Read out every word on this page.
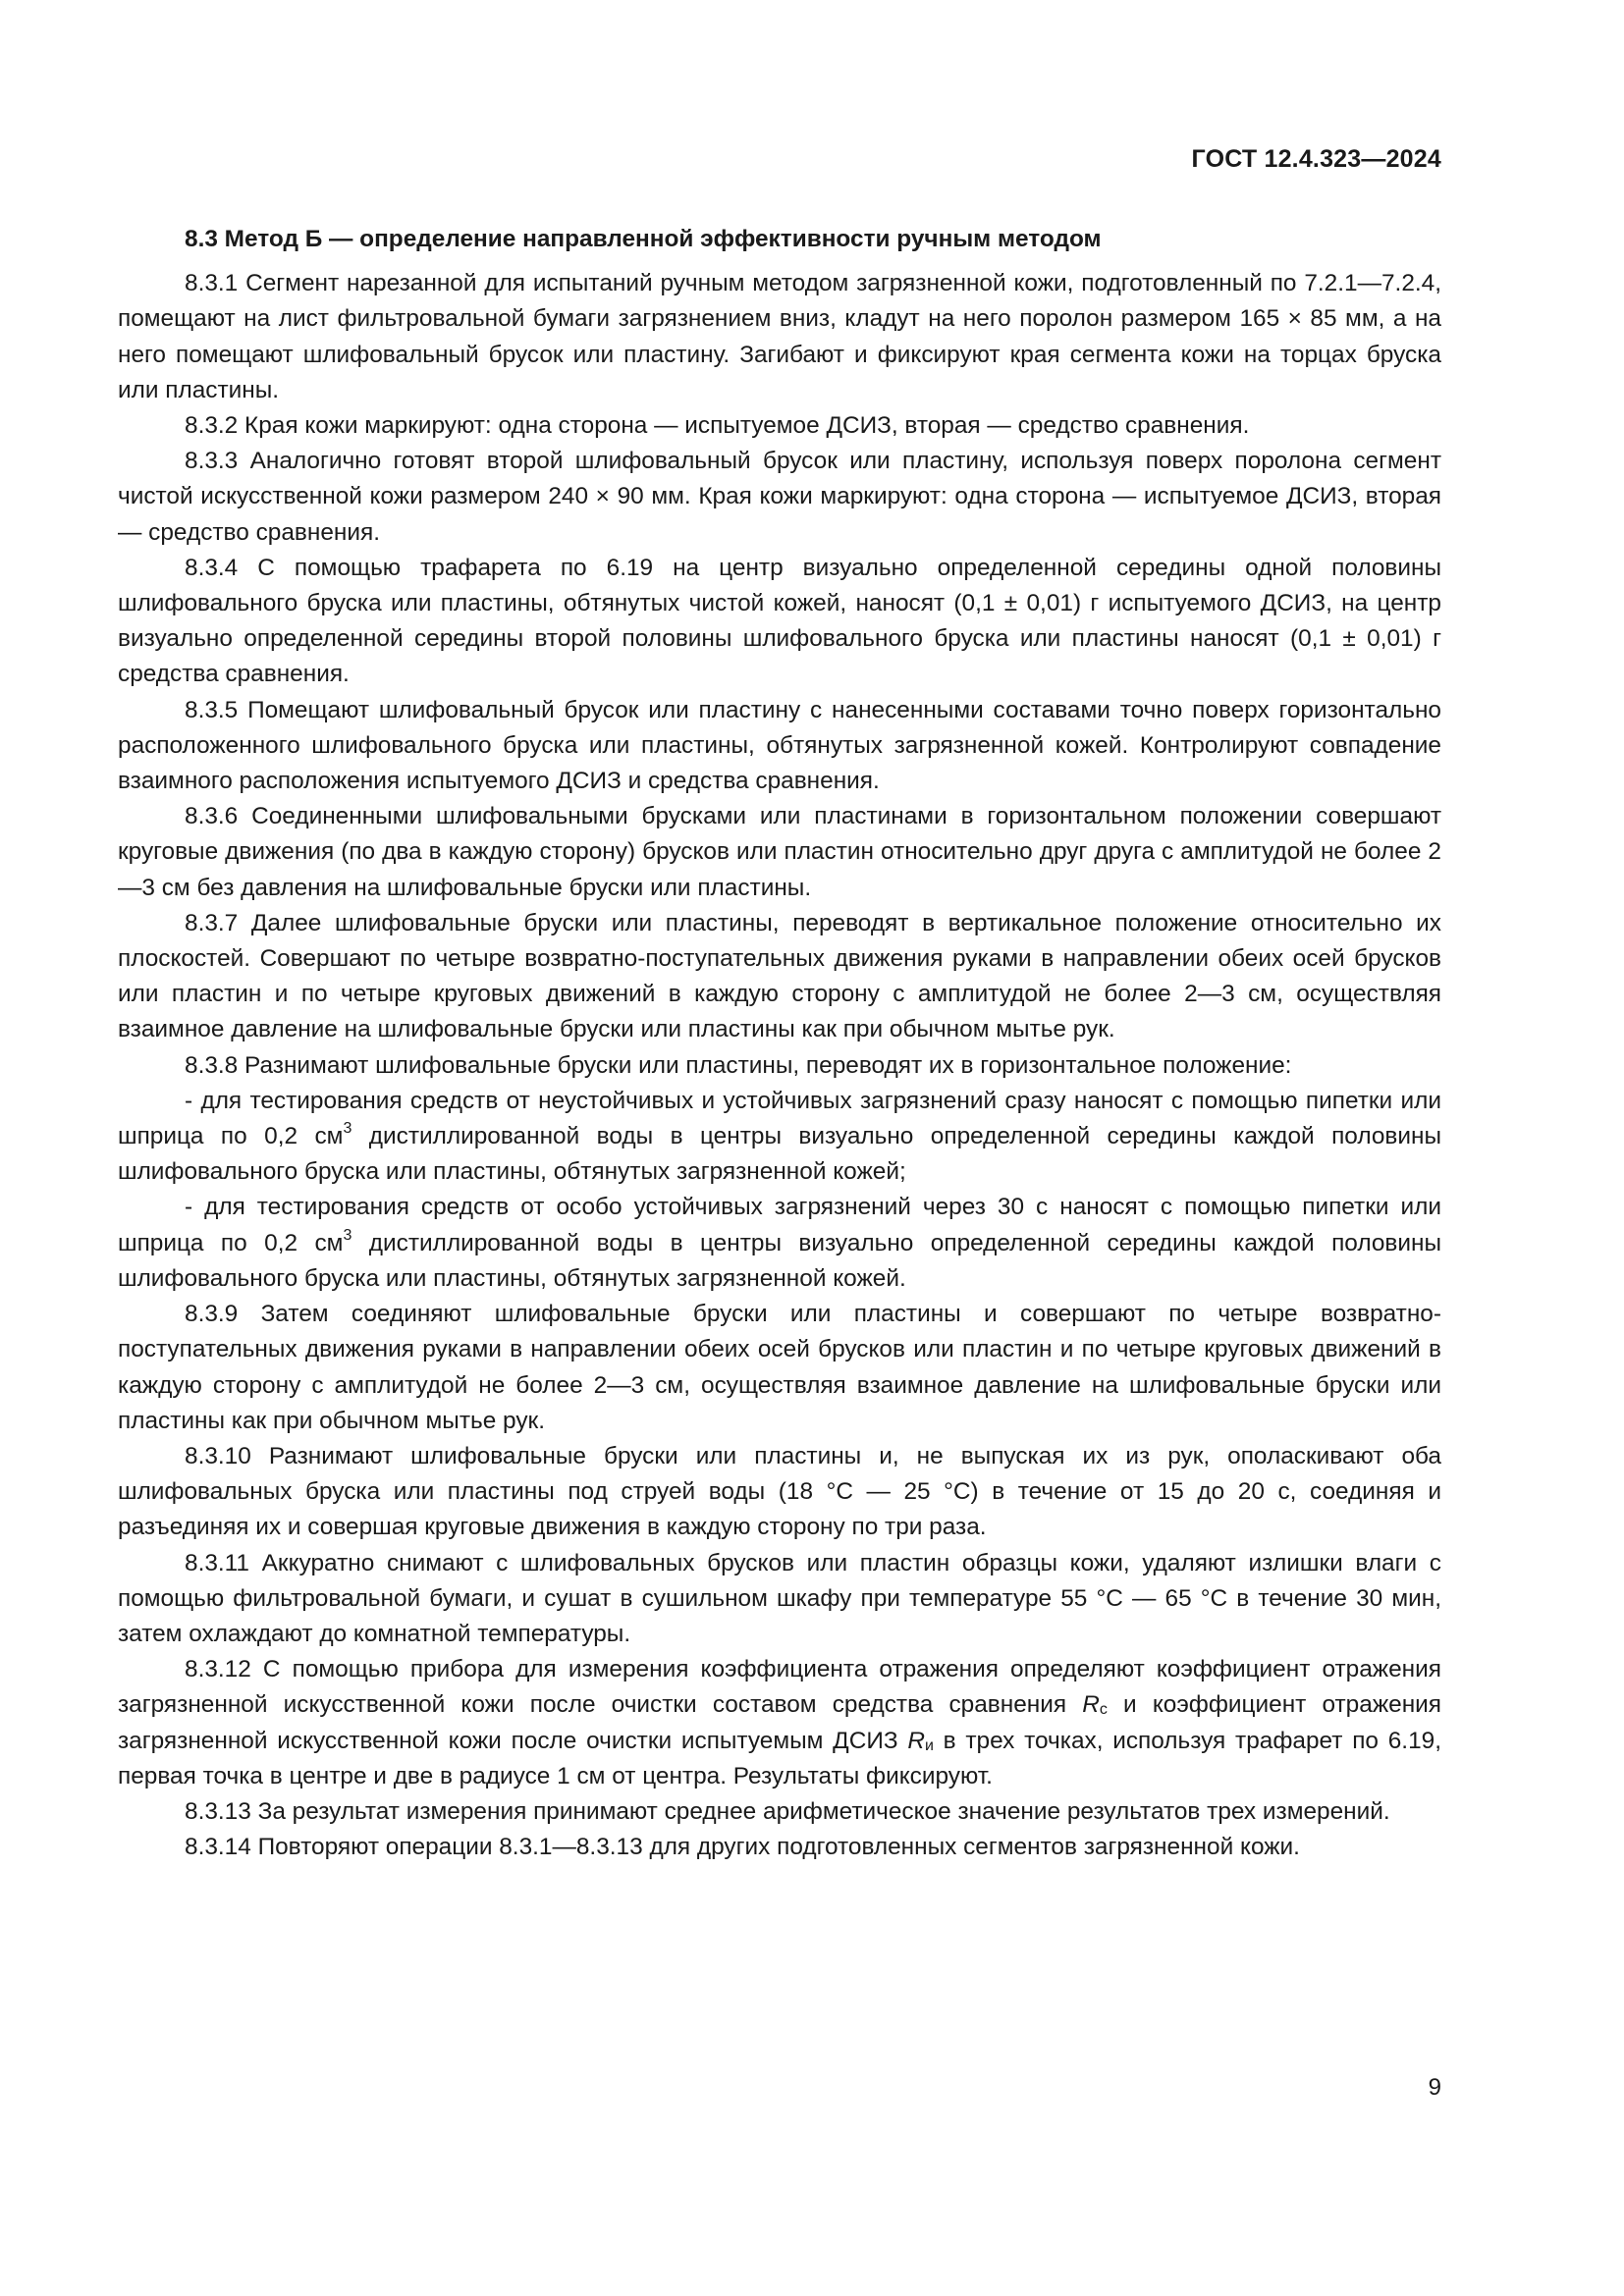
ГОСТ 12.4.323—2024

8.3 Метод Б — определение направленной эффективности ручным методом

8.3.1 Сегмент нарезанной для испытаний ручным методом загрязненной кожи, подготовленный по 7.2.1—7.2.4, помещают на лист фильтровальной бумаги загрязнением вниз, кладут на него поролон размером 165 × 85 мм, а на него помещают шлифовальный брусок или пластину. Загибают и фиксируют края сегмента кожи на торцах бруска или пластины.

8.3.2 Края кожи маркируют: одна сторона — испытуемое ДСИЗ, вторая — средство сравнения.

8.3.3 Аналогично готовят второй шлифовальный брусок или пластину, используя поверх поролона сегмент чистой искусственной кожи размером 240 × 90 мм. Края кожи маркируют: одна сторона — испытуемое ДСИЗ, вторая — средство сравнения.

8.3.4 С помощью трафарета по 6.19 на центр визуально определенной середины одной половины шлифовального бруска или пластины, обтянутых чистой кожей, наносят (0,1 ± 0,01) г испытуемого ДСИЗ, на центр визуально определенной середины второй половины шлифовального бруска или пластины наносят (0,1 ± 0,01) г средства сравнения.

8.3.5 Помещают шлифовальный брусок или пластину с нанесенными составами точно поверх горизонтально расположенного шлифовального бруска или пластины, обтянутых загрязненной кожей. Контролируют совпадение взаимного расположения испытуемого ДСИЗ и средства сравнения.

8.3.6 Соединенными шлифовальными брусками или пластинами в горизонтальном положении совершают круговые движения (по два в каждую сторону) брусков или пластин относительно друг друга с амплитудой не более 2—3 см без давления на шлифовальные бруски или пластины.

8.3.7 Далее шлифовальные бруски или пластины, переводят в вертикальное положение относительно их плоскостей. Совершают по четыре возвратно-поступательных движения руками в направлении обеих осей брусков или пластин и по четыре круговых движений в каждую сторону с амплитудой не более 2—3 см, осуществляя взаимное давление на шлифовальные бруски или пластины как при обычном мытье рук.

8.3.8 Разнимают шлифовальные бруски или пластины, переводят их в горизонтальное положение:

- для тестирования средств от неустойчивых и устойчивых загрязнений сразу наносят с помощью пипетки или шприца по 0,2 $см^3$ дистиллированной воды в центры визуально определенной середины каждой половины шлифовального бруска или пластины, обтянутых загрязненной кожей;

- для тестирования средств от особо устойчивых загрязнений через 30 с наносят с помощью пипетки или шприца по 0,2 $см^3$ дистиллированной воды в центры визуально определенной середины каждой половины шлифовального бруска или пластины, обтянутых загрязненной кожей.

8.3.9 Затем соединяют шлифовальные бруски или пластины и совершают по четыре возвратно-поступательных движения руками в направлении обеих осей брусков или пластин и по четыре круговых движений в каждую сторону с амплитудой не более 2—3 см, осуществляя взаимное давление на шлифовальные бруски или пластины как при обычном мытье рук.

8.3.10 Разнимают шлифовальные бруски или пластины и, не выпуская их из рук, ополаскивают оба шлифовальных бруска или пластины под струей воды (18 °С — 25 °С) в течение от 15 до 20 с, соединяя и разъединяя их и совершая круговые движения в каждую сторону по три раза.

8.3.11 Аккуратно снимают с шлифовальных брусков или пластин образцы кожи, удаляют излишки влаги с помощью фильтровальной бумаги, и сушат в сушильном шкафу при температуре 55 °С — 65 °С в течение 30 мин, затем охлаждают до комнатной температуры.

8.3.12 С помощью прибора для измерения коэффициента отражения определяют коэффициент отражения загрязненной искусственной кожи после очистки составом средства сравнения $R_с$ и коэффициент отражения загрязненной искусственной кожи после очистки испытуемым ДСИЗ $R_и$ в трех точках, используя трафарет по 6.19, первая точка в центре и две в радиусе 1 см от центра. Результаты фиксируют.

8.3.13 За результат измерения принимают среднее арифметическое значение результатов трех измерений.

8.3.14 Повторяют операции 8.3.1—8.3.13 для других подготовленных сегментов загрязненной кожи.

9
